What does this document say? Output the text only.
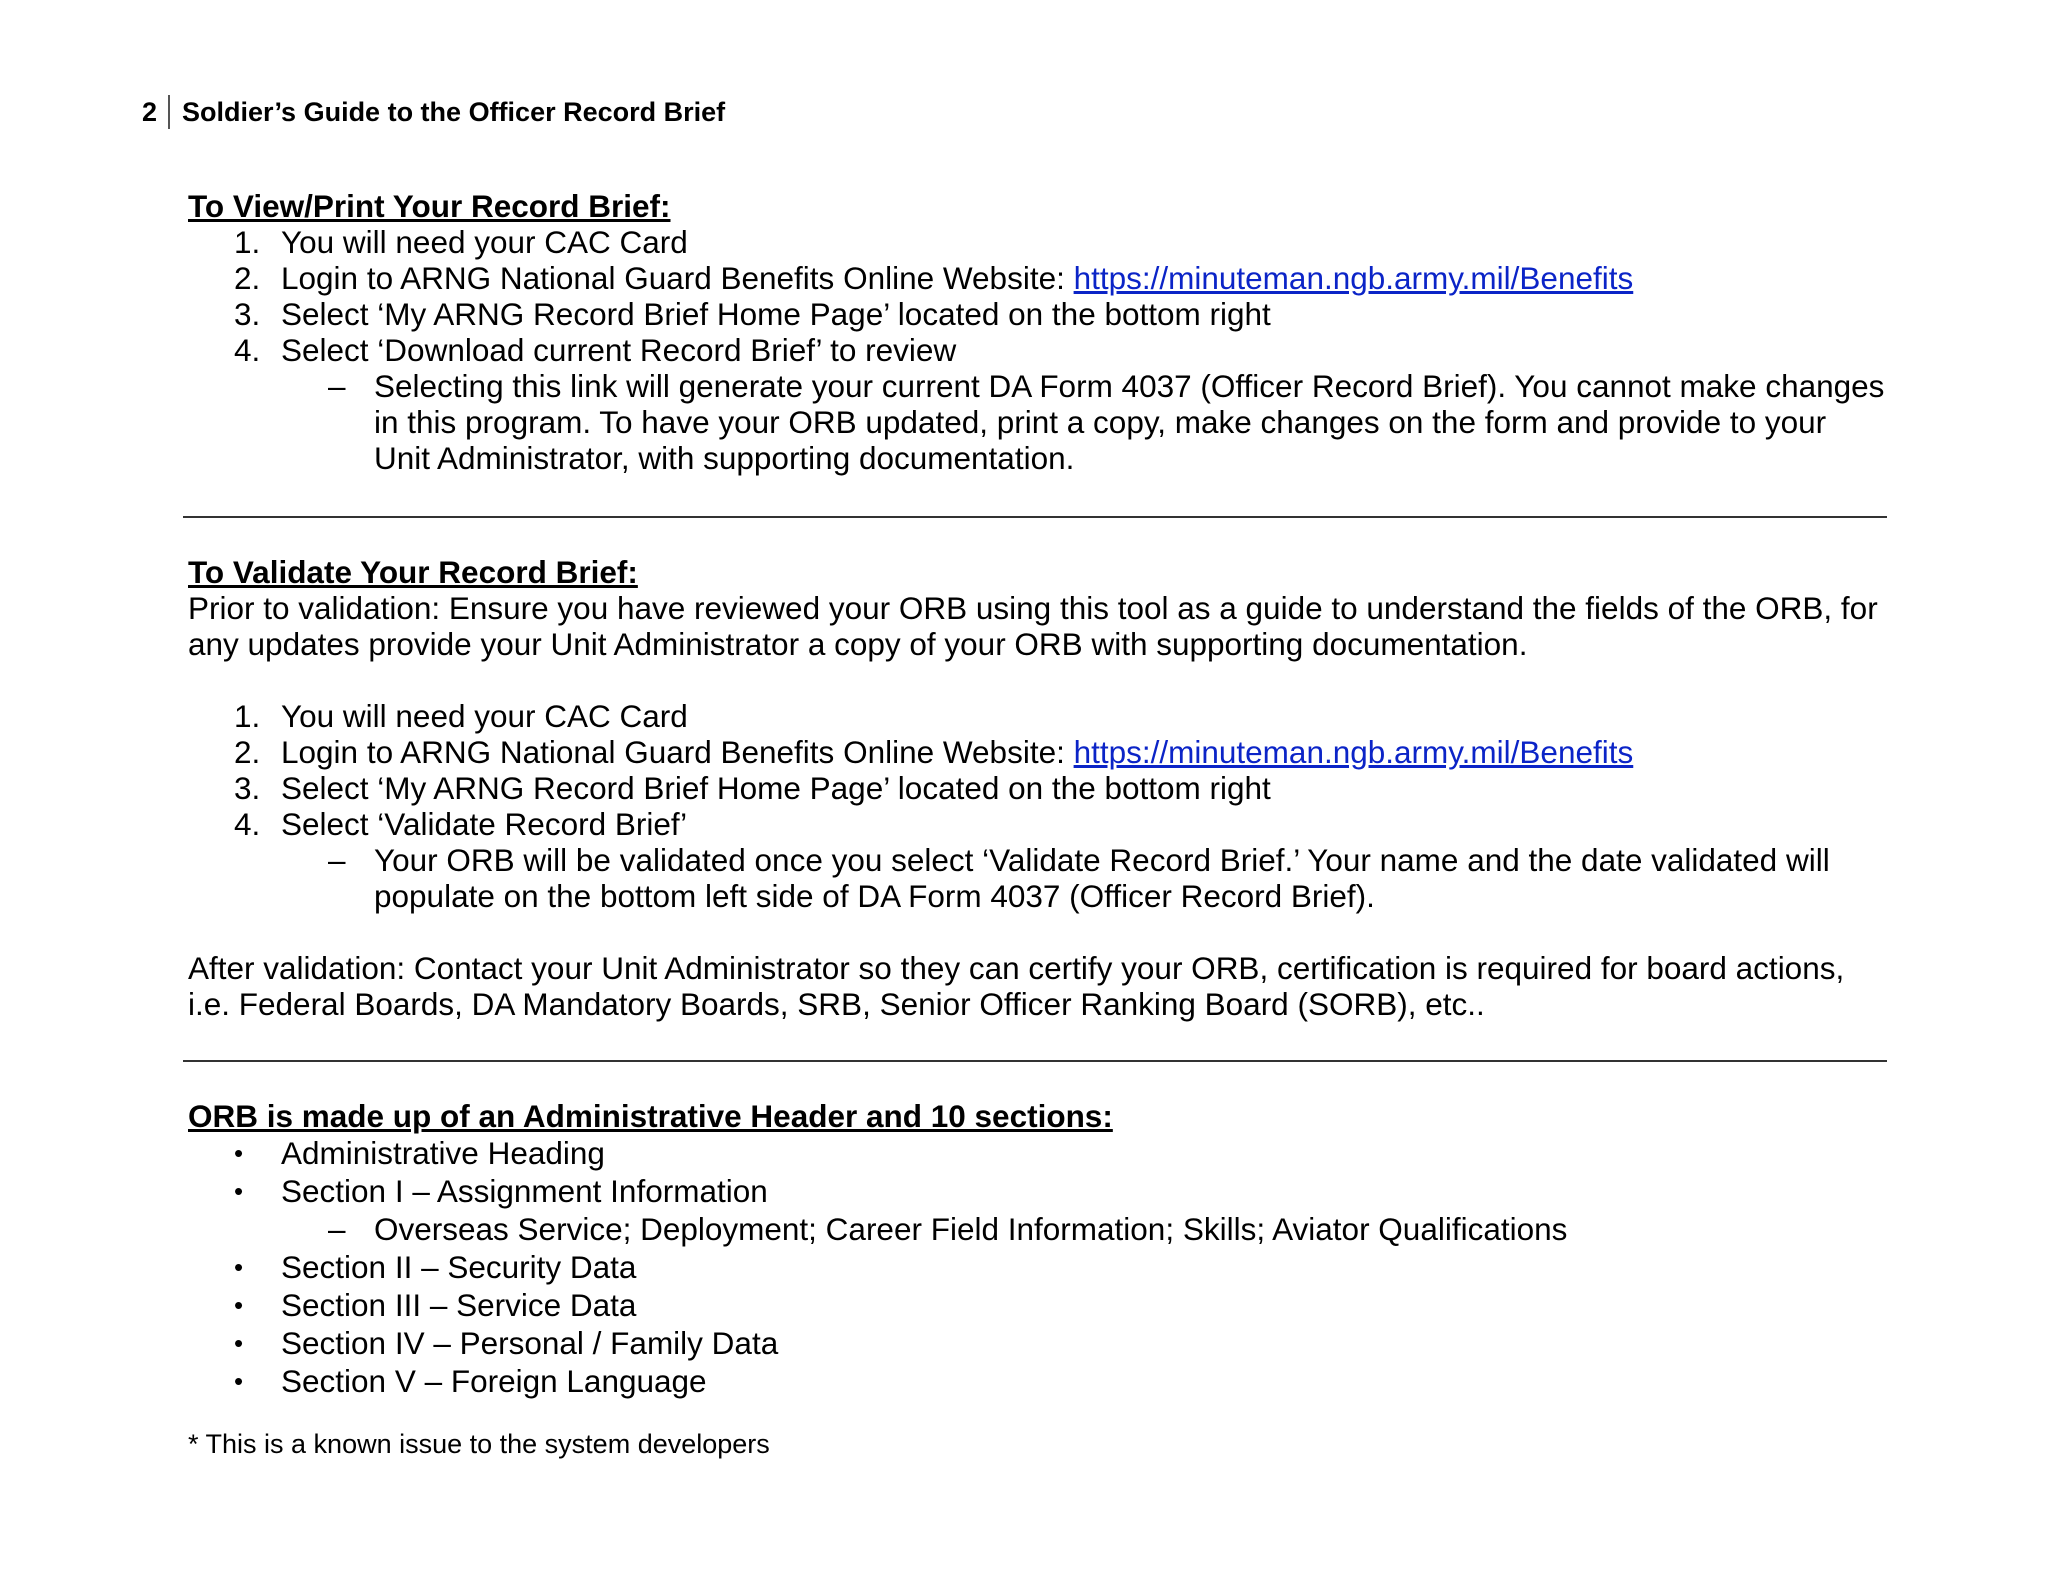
2 Soldier’s Guide to the Officer Record Brief

To View/Print Your Record Brief:

1. You will need your CAC Card
2. Login to ARNG National Guard Benefits Online Website: https://minuteman.ngb.army.mil/Benefits
3. Select ‘My ARNG Record Brief Home Page’ located on the bottom right
4. Select ‘Download current Record Brief’ to review

– Selecting this link will generate your current DA Form 4037 (Officer Record Brief). You cannot make changes in this program. To have your ORB updated, print a copy, make changes on the form and provide to your Unit Administrator, with supporting documentation.

To Validate Your Record Brief:

Prior to validation: Ensure you have reviewed your ORB using this tool as a guide to understand the fields of the ORB, for any updates provide your Unit Administrator a copy of your ORB with supporting documentation.

1. You will need your CAC Card
2. Login to ARNG National Guard Benefits Online Website: https://minuteman.ngb.army.mil/Benefits
3. Select ‘My ARNG Record Brief Home Page’ located on the bottom right
4. Select ‘Validate Record Brief’

– Your ORB will be validated once you select ‘Validate Record Brief.’ Your name and the date validated will populate on the bottom left side of DA Form 4037 (Officer Record Brief).

After validation: Contact your Unit Administrator so they can certify your ORB, certification is required for board actions, i.e. Federal Boards, DA Mandatory Boards, SRB, Senior Officer Ranking Board (SORB), etc..

ORB is made up of an Administrative Header and 10 sections:

• Administrative Heading
• Section I – Assignment Information
– Overseas Service; Deployment; Career Field Information; Skills; Aviator Qualifications
• Section II – Security Data
• Section III – Service Data
• Section IV – Personal / Family Data
• Section V – Foreign Language
* This is a known issue to the system developers
